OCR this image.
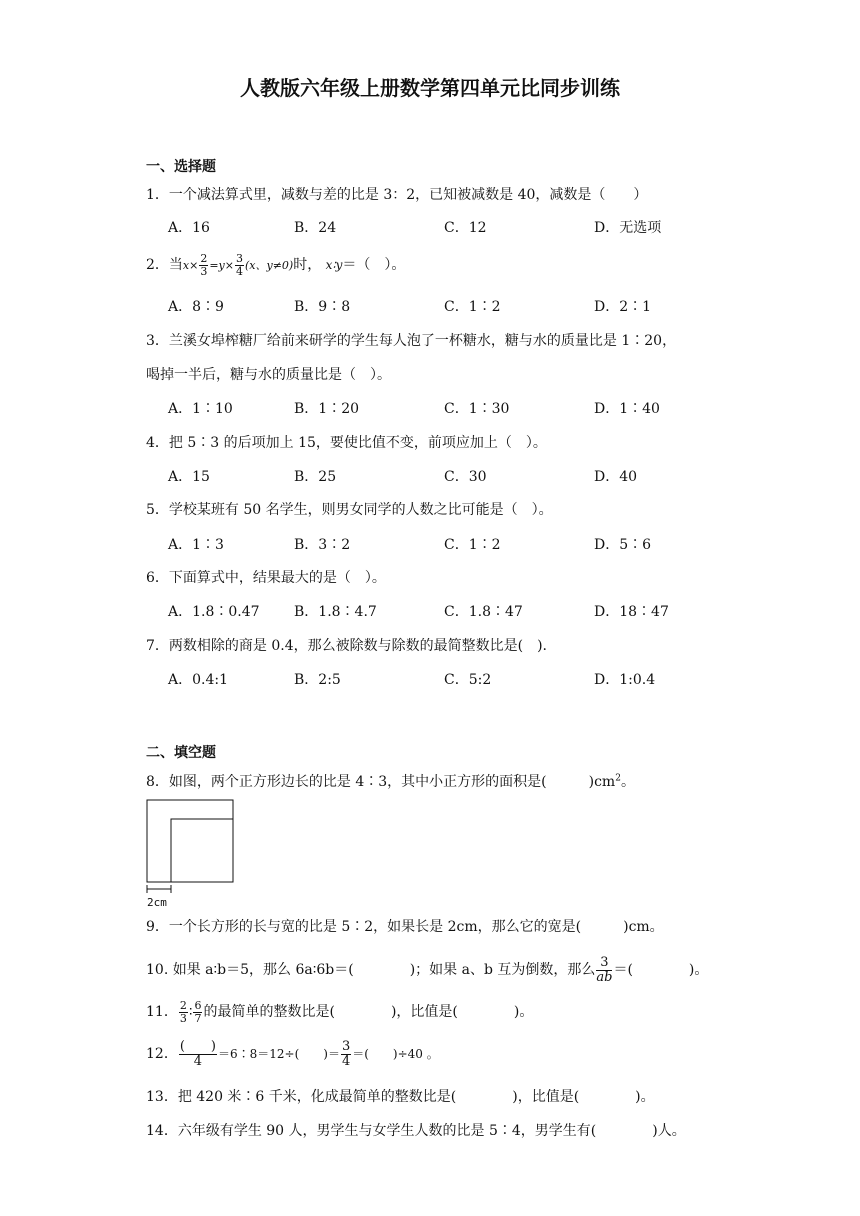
人教版六年级上册数学第四单元比同步训练
一、选择题
1．一个减法算式里，减数与差的比是 3：2，已知被减数是 40，减数是（　　）
A．16	B．24	C．12	D．无选项
2．当$x\times \frac{2}{3} =y\times \frac{3}{4} (x$、y≠0)时， x∶y＝（　）。
A．8∶9	B．9∶8	C．1∶2	D．2∶1
3．兰溪女埠榨糖厂给前来研学的学生每人泡了一杯糖水，糖与水的质量比是 1∶20，
喝掉一半后，糖与水的质量比是（　）。
A．1∶10	B．1∶20	C．1∶30	D．1∶40
4．把 5∶3 的后项加上 15，要使比值不变，前项应加上（　）。
A．15	B．25	C．30	D．40
5．学校某班有 50 名学生，则男女同学的人数之比可能是（　）。
A．1∶3	B．3∶2	C．1∶2	D．5∶6
6．下面算式中，结果最大的是（　）。
A．1.8∶0.47 B．1.8∶4.7	C．1.8∶47	D．18∶47
7．两数相除的商是 0.4，那么被除数与除数的最简整数比是(　).
A．0.4:1	B．2:5	C．5:2	D．1:0.4
二、填空题
8．如图，两个正方形边长的比是 4∶3，其中小正方形的面积是(　　　)$cm^2$。
2cm
9．一个长方形的长与宽的比是 5∶2，如果长是 2cm，那么它的宽是(　　　)cm。
10. 如果 a∶b＝5，那么 6a∶6b＝(　　　　)；如果 a、b 互为倒数，那么 $\frac{3}{ab}$ ＝(　　　　)。
11． $\frac{2}{3}$ ∶ $\frac{6}{7}$ 的最简单的整数比是(　　　　)，比值是(　　　　)。
12． $\frac{( )}{4}$ ＝6∶8＝12÷(　　)＝ $\frac{3}{4}$ ＝(　　)÷40 。
13．把 420 米∶6 千米，化成最简单的整数比是(　　　　)，比值是(　　　　)。
14．六年级有学生 90 人，男学生与女学生人数的比是 5∶4，男学生有(　　　　)人。
